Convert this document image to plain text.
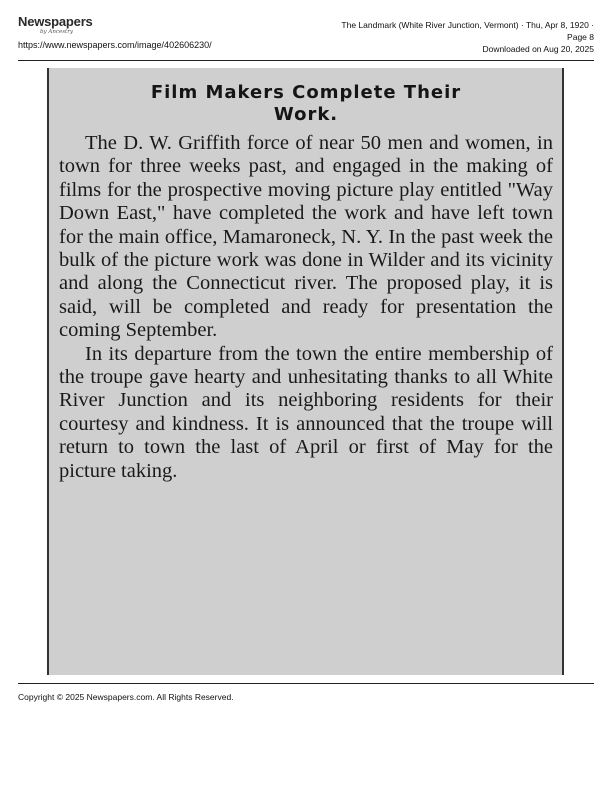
Newspapers
by Ancestry
https://www.newspapers.com/image/402606230/
The Landmark (White River Junction, Vermont) · Thu, Apr 8, 1920 ·
Page 8
Downloaded on Aug 20, 2025
Film Makers Complete Their
Work.

The D. W. Griffith force of near 50 men and women, in town for three weeks past, and engaged in the making of films for the prospective moving picture play entitled "Way Down East," have completed the work and have left town for the main office, Mamaroneck, N. Y. In the past week the bulk of the picture work was done in Wilder and its vicinity and along the Connecticut river. The proposed play, it is said, will be completed and ready for presentation the coming September.

In its departure from the town the entire membership of the troupe gave hearty and unhesitating thanks to all White River Junction and its neighboring residents for their courtesy and kindness. It is announced that the troupe will return to town the last of April or first of May for the picture taking.

Copyright © 2025 Newspapers.com. All Rights Reserved.
